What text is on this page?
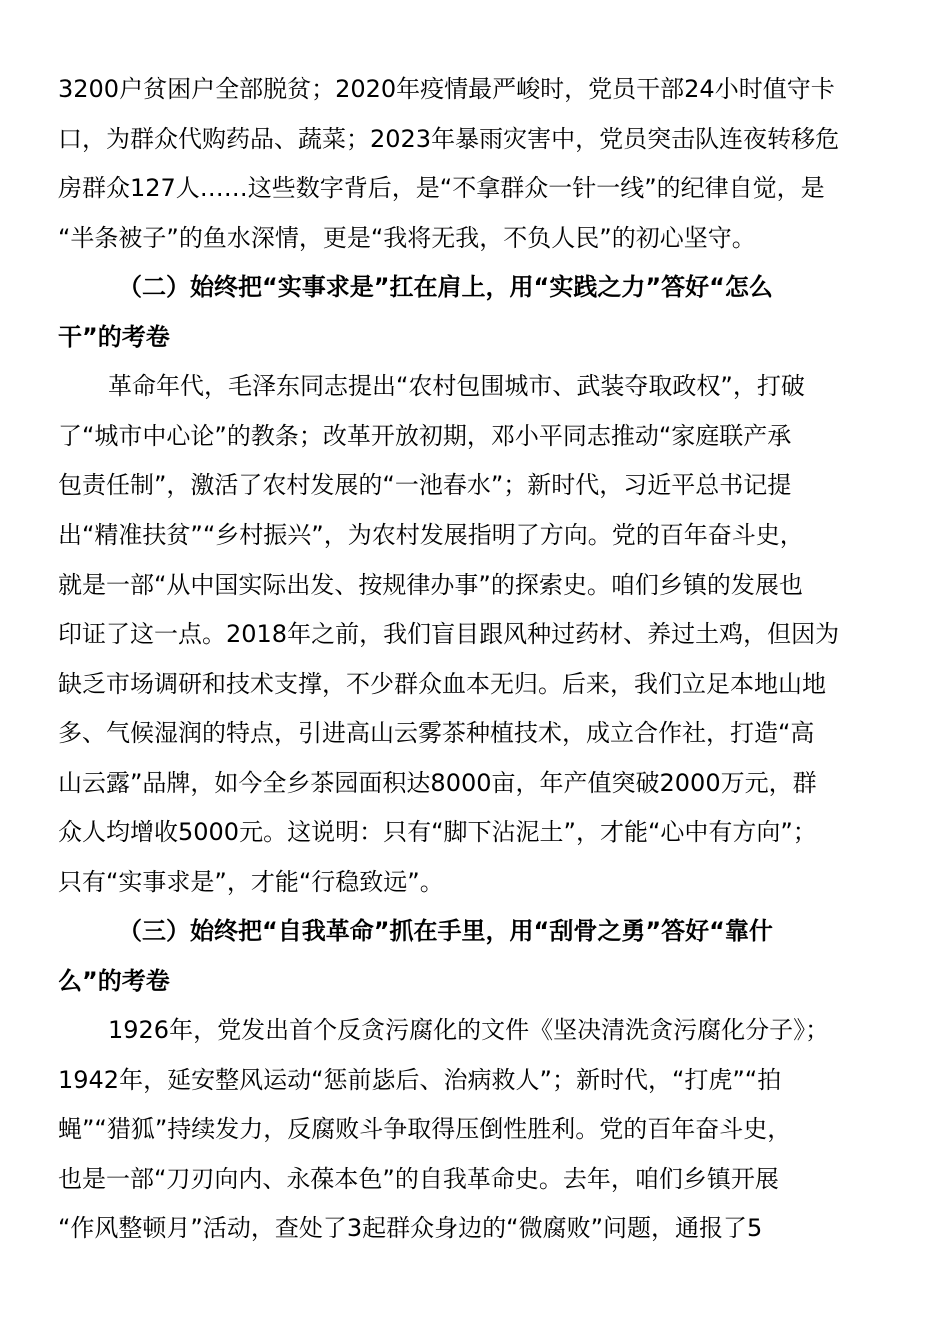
3200户贫困户全部脱贫；2020年疫情最严峻时，党员干部24小时值守卡
口，为群众代购药品、蔬菜；2023年暴雨灾害中，党员突击队连夜转移危
房群众127人……这些数字背后，是“不拿群众一针一线”的纪律自觉，是
“半条被子”的鱼水深情，更是“我将无我，不负人民”的初心坚守。
（二）始终把“实事求是”扛在肩上，用“实践之力”答好“怎么
干”的考卷
革命年代，毛泽东同志提出“农村包围城市、武装夺取政权”，打破
了“城市中心论”的教条；改革开放初期，邓小平同志推动“家庭联产承
包责任制”，激活了农村发展的“一池春水”；新时代，习近平总书记提
出“精准扶贫”“乡村振兴”，为农村发展指明了方向。党的百年奋斗史，
就是一部“从中国实际出发、按规律办事”的探索史。咱们乡镇的发展也
印证了这一点。2018年之前，我们盲目跟风种过药材、养过土鸡，但因为
缺乏市场调研和技术支撑，不少群众血本无归。后来，我们立足本地山地
多、气候湿润的特点，引进高山云雾茶种植技术，成立合作社，打造“高
山云露”品牌，如今全乡茶园面积达8000亩，年产值突破2000万元，群
众人均增收5000元。这说明：只有“脚下沾泥土”，才能“心中有方向”；
只有“实事求是”，才能“行稳致远”。
（三）始终把“自我革命”抓在手里，用“刮骨之勇”答好“靠什
么”的考卷
1926年，党发出首个反贪污腐化的文件《坚决清洗贪污腐化分子》；
1942年，延安整风运动“惩前毖后、治病救人”；新时代，“打虎”“拍
蝇”“猎狐”持续发力，反腐败斗争取得压倒性胜利。党的百年奋斗史，
也是一部“刀刃向内、永葆本色”的自我革命史。去年，咱们乡镇开展
“作风整顿月”活动，查处了3起群众身边的“微腐败”问题，通报了5
